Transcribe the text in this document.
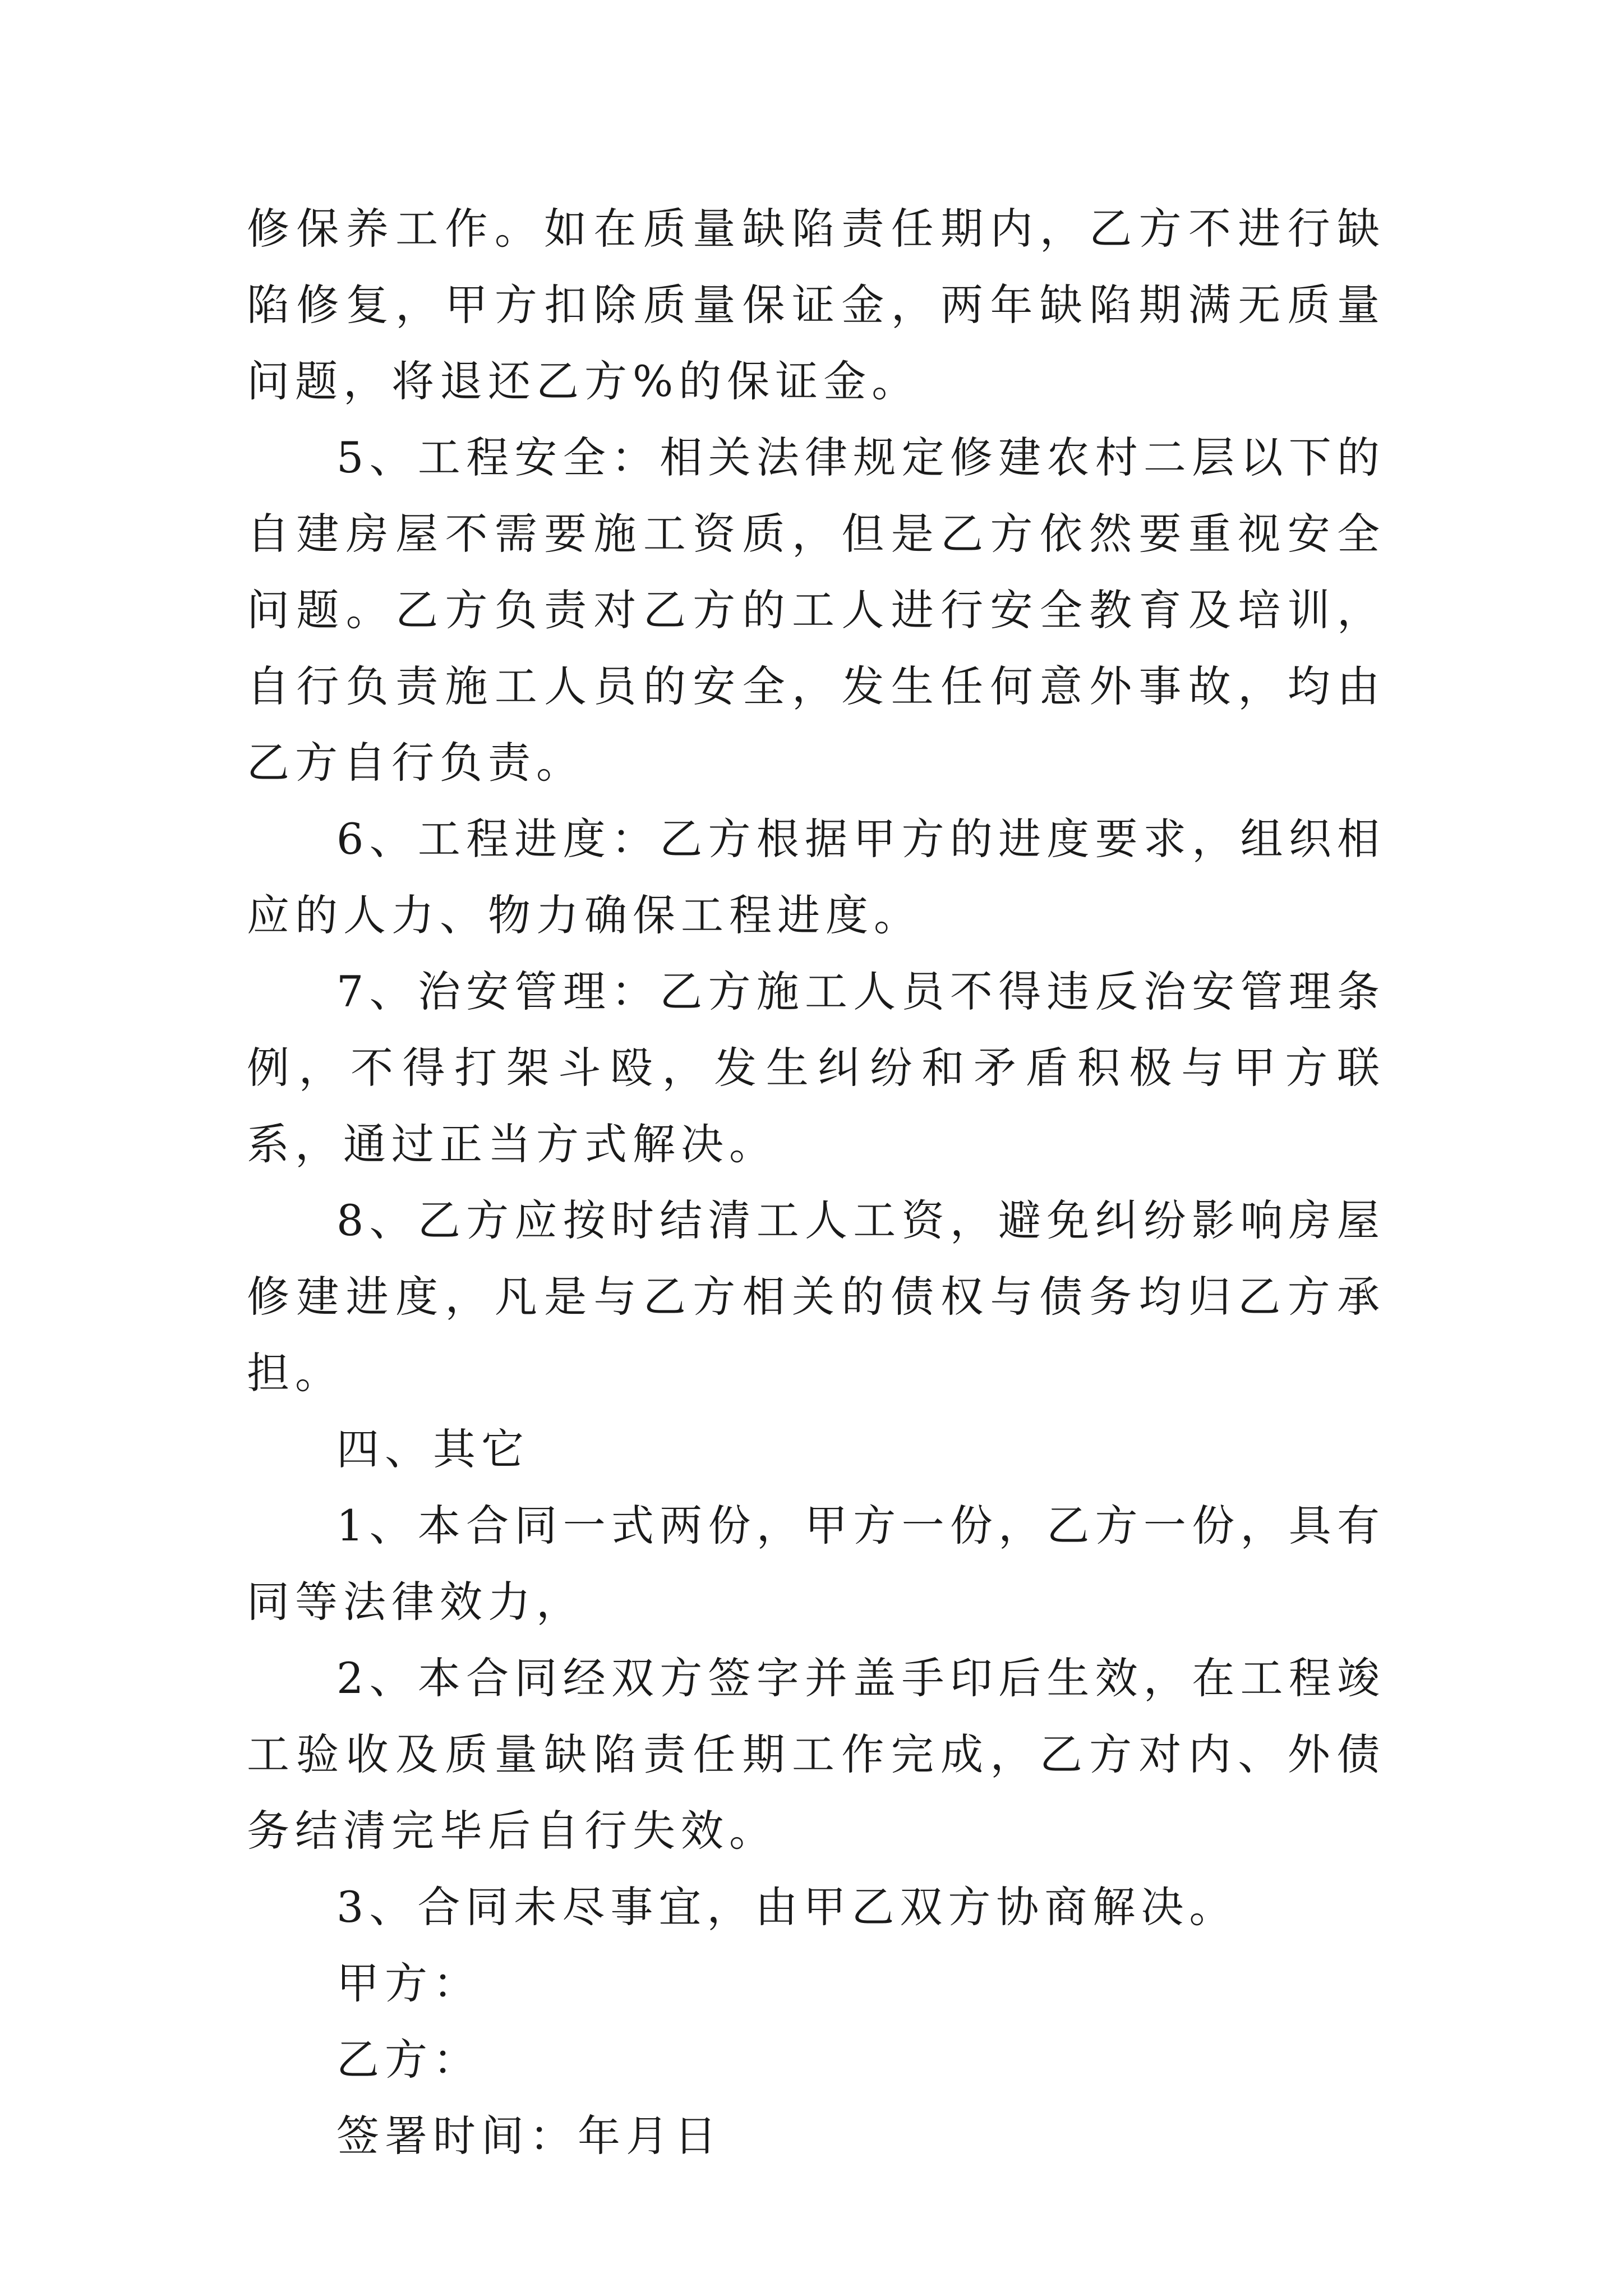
修保养工作。如在质量缺陷责任期内，乙方不进行缺陷修复，甲方扣除质量保证金，两年缺陷期满无质量问题，将退还乙方%的保证金。

5、工程安全：相关法律规定修建农村二层以下的自建房屋不需要施工资质，但是乙方依然要重视安全问题。乙方负责对乙方的工人进行安全教育及培训，自行负责施工人员的安全，发生任何意外事故，均由乙方自行负责。

6、工程进度：乙方根据甲方的进度要求，组织相应的人力、物力确保工程进度。

7、治安管理：乙方施工人员不得违反治安管理条例，不得打架斗殴，发生纠纷和矛盾积极与甲方联系，通过正当方式解决。

8、乙方应按时结清工人工资，避免纠纷影响房屋修建进度，凡是与乙方相关的债权与债务均归乙方承担。

四、其它

1、本合同一式两份，甲方一份，乙方一份，具有同等法律效力，

2、本合同经双方签字并盖手印后生效，在工程竣工验收及质量缺陷责任期工作完成，乙方对内、外债务结清完毕后自行失效。

3、合同未尽事宜，由甲乙双方协商解决。

甲方：

乙方：

签署时间：年月日
